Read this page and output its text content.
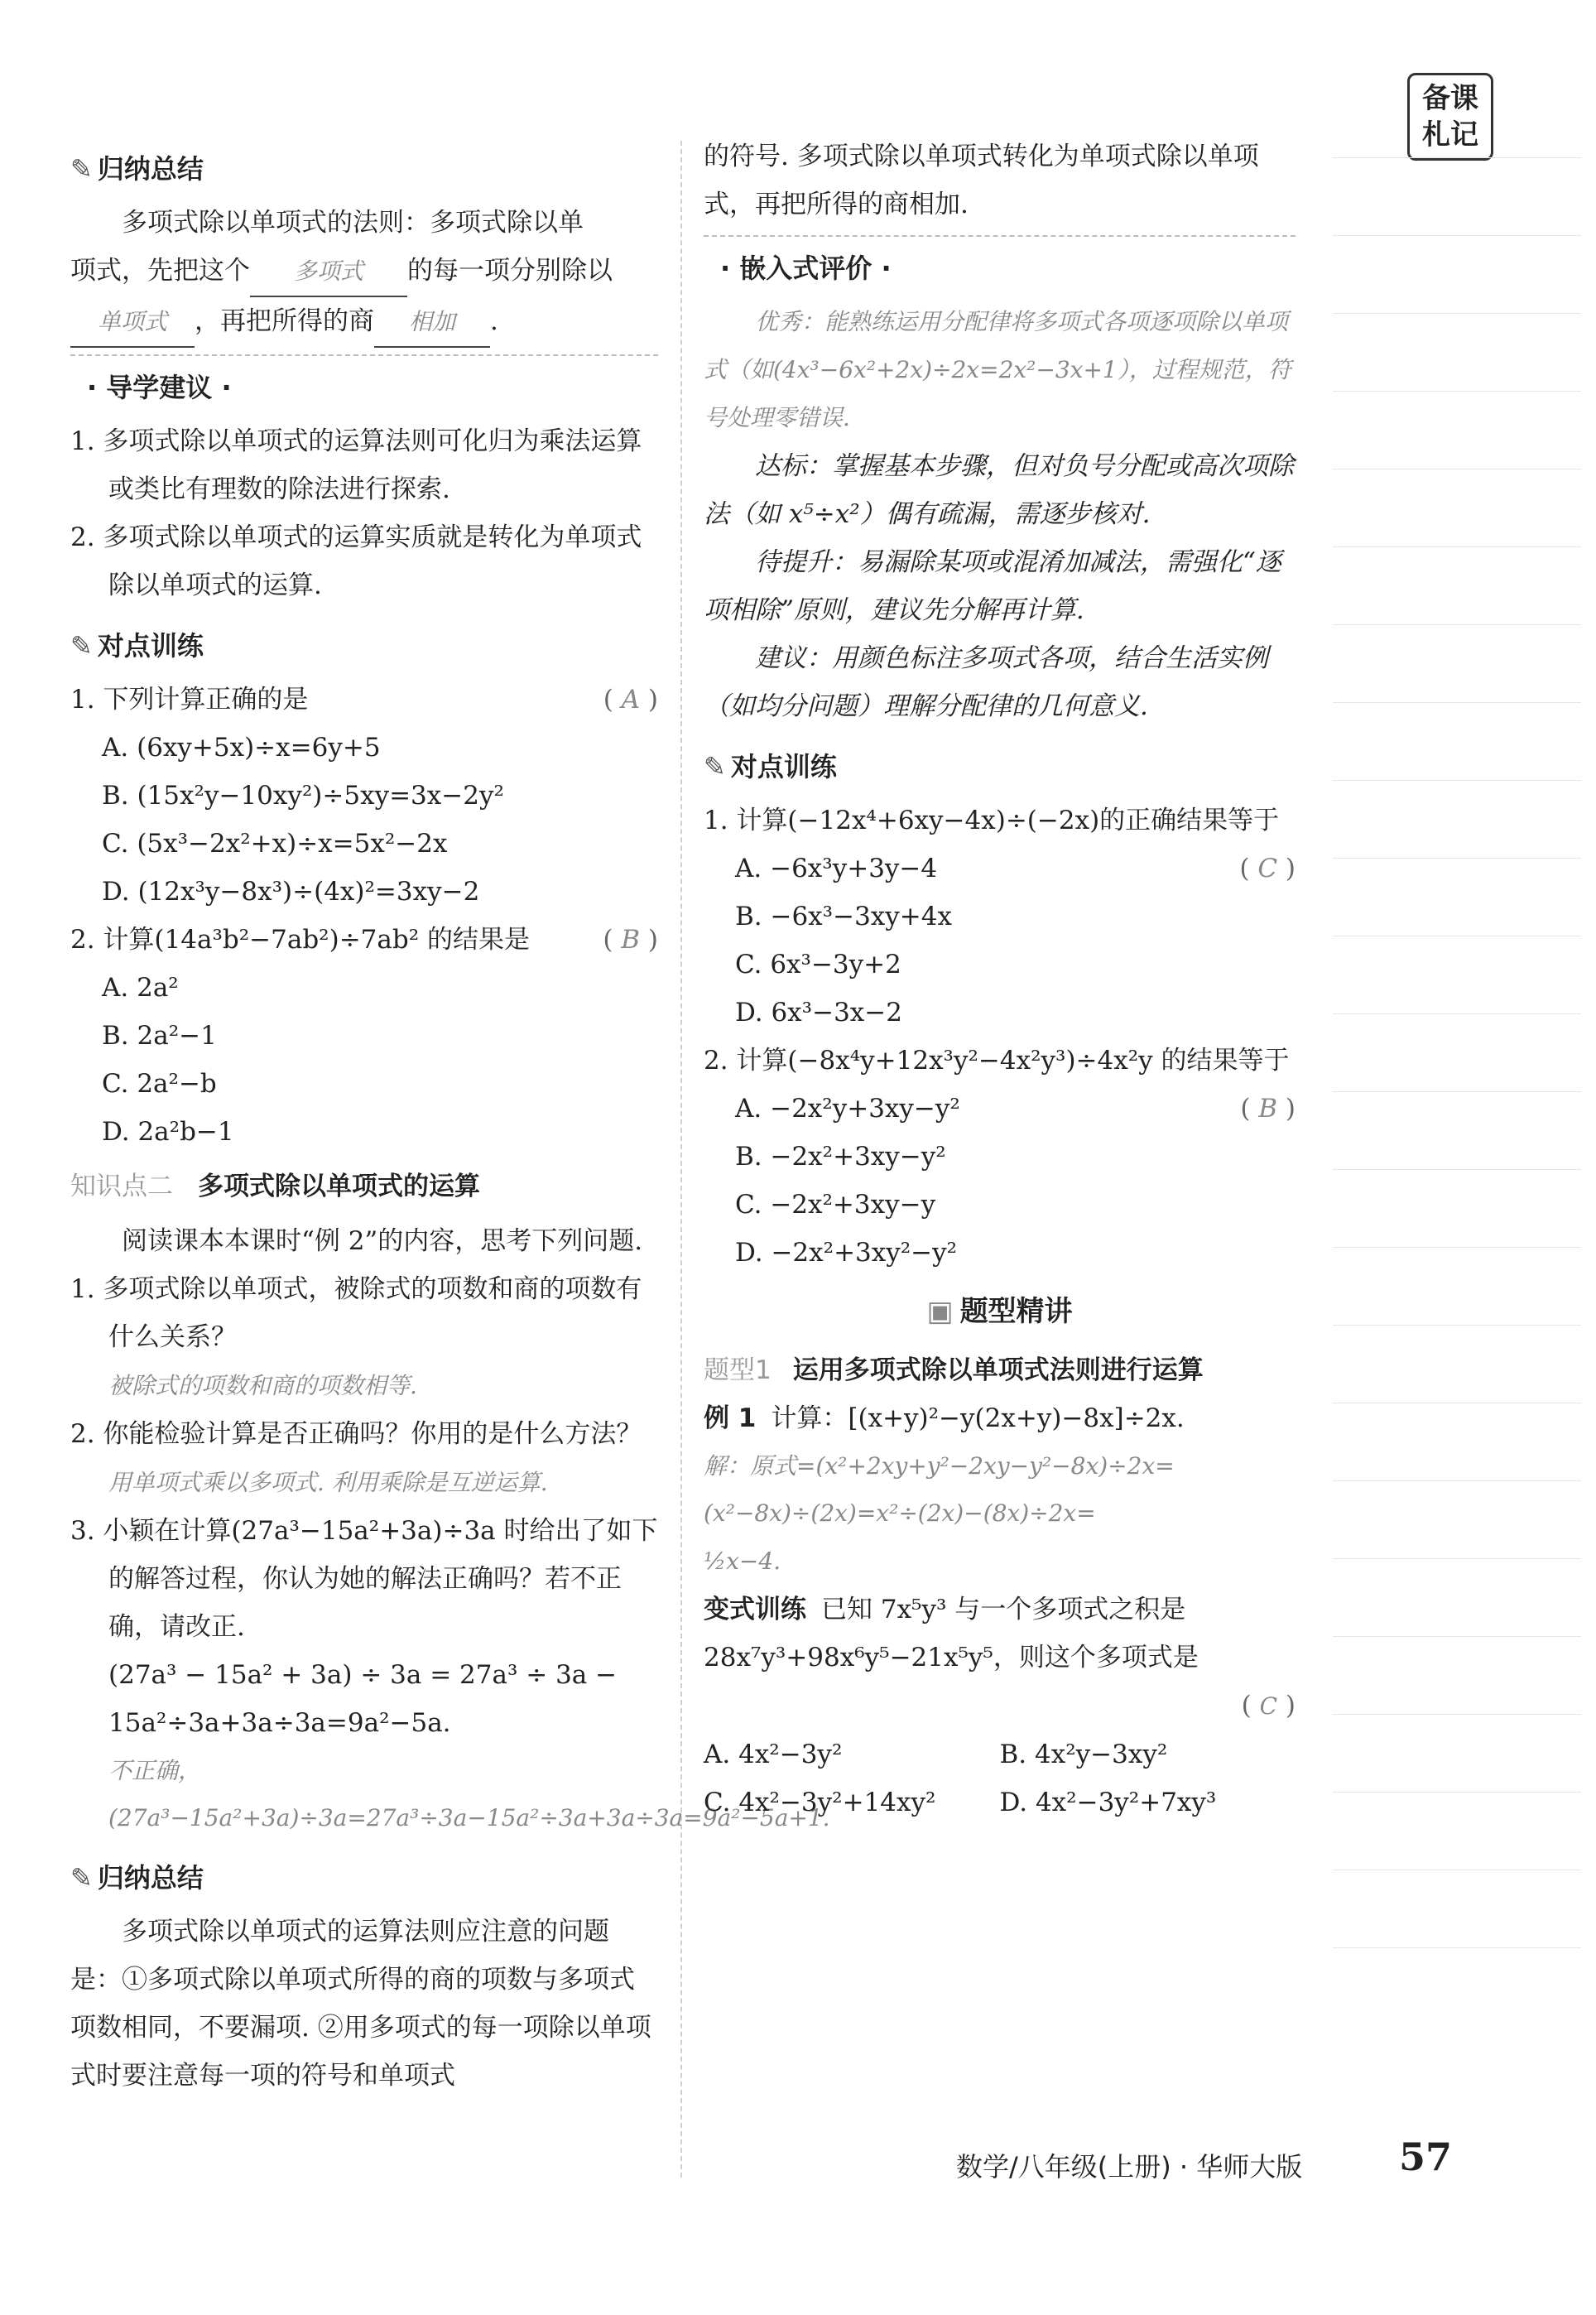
备课札记
✎ 归纳总结

多项式除以单项式的法则：多项式除以单

项式，先把这个 多项式 的每一项分别除以

单项式 ，再把所得的商 相加 .

· 导学建议 ·

1. 多项式除以单项式的运算法则可化归为乘法运算或类比有理数的除法进行探索.

2. 多项式除以单项式的运算实质就是转化为单项式除以单项式的运算.

✎ 对点训练

1. 下列计算正确的是	( A )

A. (6xy+5x)÷x=6y+5

B. (15x²y−10xy²)÷5xy=3x−2y²

C. (5x³−2x²+x)÷x=5x²−2x

D. (12x³y−8x³)÷(4x)²=3xy−2

2. 计算(14a³b²−7ab²)÷7ab² 的结果是	( B )

A. 2a²

B. 2a²−1

C. 2a²−b

D. 2a²b−1

知识点二 多项式除以单项式的运算

阅读课本本课时“例 2”的内容，思考下列问题.

1. 多项式除以单项式，被除式的项数和商的项数有什么关系？

被除式的项数和商的项数相等.

2. 你能检验计算是否正确吗？你用的是什么方法？

用单项式乘以多项式. 利用乘除是互逆运算.

3. 小颖在计算(27a³−15a²+3a)÷3a 时给出了如下的解答过程，你认为她的解法正确吗？若不正确，请改正.

(27a³ − 15a² + 3a) ÷ 3a = 27a³ ÷ 3a − 15a²÷3a+3a÷3a=9a²−5a.

不正确，(27a³−15a²+3a)÷3a=27a³÷3a−15a²÷3a+3a÷3a=9a²−5a+1.

✎ 归纳总结

多项式除以单项式的运算法则应注意的问题是：①多项式除以单项式所得的商的项数与多项式项数相同，不要漏项. ②用多项式的每一项除以单项式时要注意每一项的符号和单项式

的符号. 多项式除以单项式转化为单项式除以单项式，再把所得的商相加.

· 嵌入式评价 ·

优秀：能熟练运用分配律将多项式各项逐项除以单项式（如(4x³−6x²+2x)÷2x=2x²−3x+1），过程规范，符号处理零错误.

达标：掌握基本步骤，但对负号分配或高次项除法（如 x⁵÷x²）偶有疏漏，需逐步核对.

待提升：易漏除某项或混淆加减法，需强化“逐项相除”原则，建议先分解再计算.

建议：用颜色标注多项式各项，结合生活实例（如均分问题）理解分配律的几何意义.

✎ 对点训练

1. 计算(−12x⁴+6xy−4x)÷(−2x)的正确结果等于
( C )

A. −6x³y+3y−4

B. −6x³−3xy+4x

C. 6x³−3y+2

D. 6x³−3x−2

2. 计算(−8x⁴y+12x³y²−4x²y³)÷4x²y 的结果等于
( B )

A. −2x²y+3xy−y²

B. −2x²+3xy−y²

C. −2x²+3xy−y

D. −2x²+3xy²−y²

▣ 题型精讲
题型1 运用多项式除以单项式法则进行运算

例 1 计算：[(x+y)²−y(2x+y)−8x]÷2x.

解：原式=(x²+2xy+y²−2xy−y²−8x)÷2x=(x²−8x)÷(2x)=x²÷(2x)−(8x)÷2x=

½x−4.

变式训练 已知 7x⁵y³ 与一个多项式之积是 28x⁷y³+98x⁶y⁵−21x⁵y⁵，则这个多项式是

( C )

A. 4x²−3y²	B. 4x²y−3xy²

C. 4x²−3y²+14xy²	D. 4x²−3y²+7xy³

数学/八年级(上册) · 华师大版	57
